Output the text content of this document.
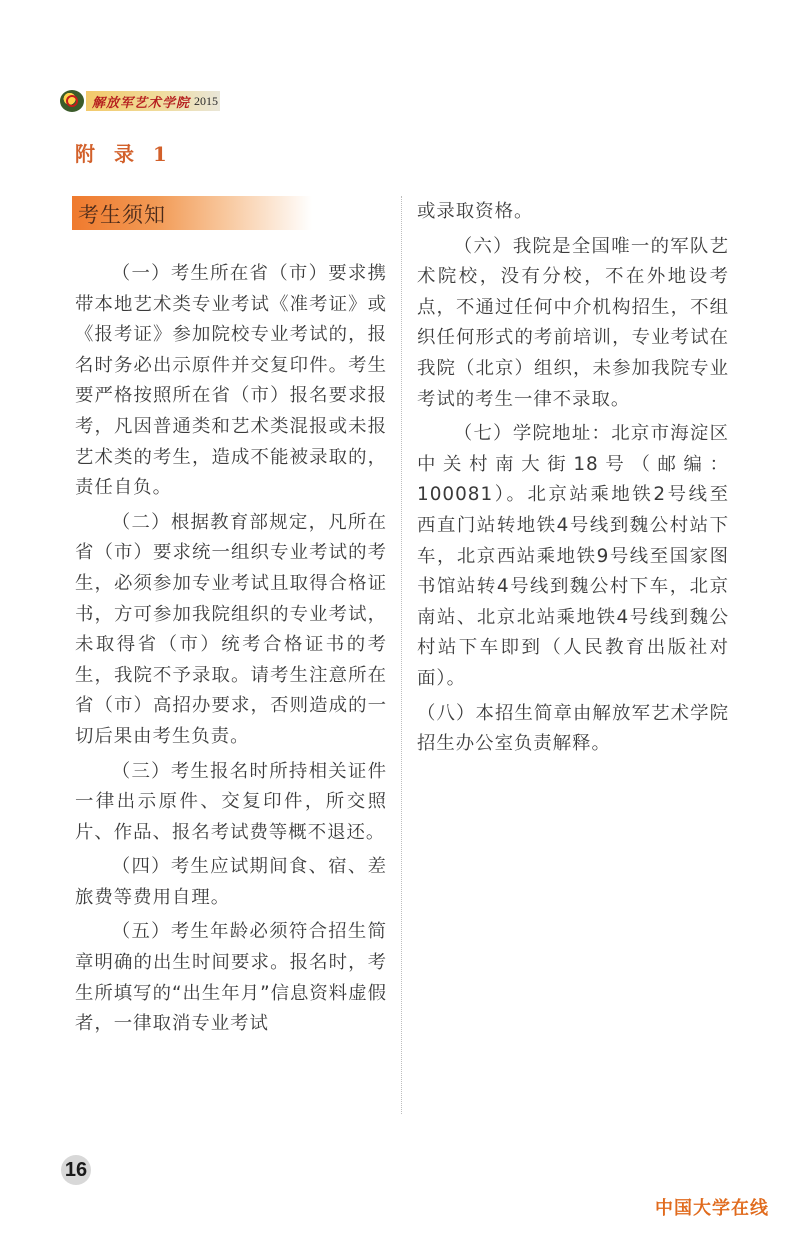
解放军艺术学院 2015
附 录 1
考生须知

（一）考生所在省（市）要求携带本地艺术类专业考试《准考证》或《报考证》参加院校专业考试的，报名时务必出示原件并交复印件。考生要严格按照所在省（市）报名要求报考，凡因普通类和艺术类混报或未报艺术类的考生，造成不能被录取的，责任自负。

（二）根据教育部规定，凡所在省（市）要求统一组织专业考试的考生，必须参加专业考试且取得合格证书，方可参加我院组织的专业考试，未取得省（市）统考合格证书的考生，我院不予录取。请考生注意所在省（市）高招办要求，否则造成的一切后果由考生负责。

（三）考生报名时所持相关证件一律出示原件、交复印件，所交照片、作品、报名考试费等概不退还。

（四）考生应试期间食、宿、差旅费等费用自理。

（五）考生年龄必须符合招生简章明确的出生时间要求。报名时，考生所填写的“出生年月”信息资料虚假者，一律取消专业考试

或录取资格。

（六）我院是全国唯一的军队艺术院校，没有分校，不在外地设考点，不通过任何中介机构招生，不组织任何形式的考前培训，专业考试在我院（北京）组织，未参加我院专业考试的考生一律不录取。

（七）学院地址：北京市海淀区中关村南大街18号（邮编：100081）。北京站乘地铁2号线至西直门站转地铁4号线到魏公村站下车，北京西站乘地铁9号线至国家图书馆站转4号线到魏公村下车，北京南站、北京北站乘地铁4号线到魏公村站下车即到（人民教育出版社对面）。

（八）本招生简章由解放军艺术学院招生办公室负责解释。

16
中国大学在线
